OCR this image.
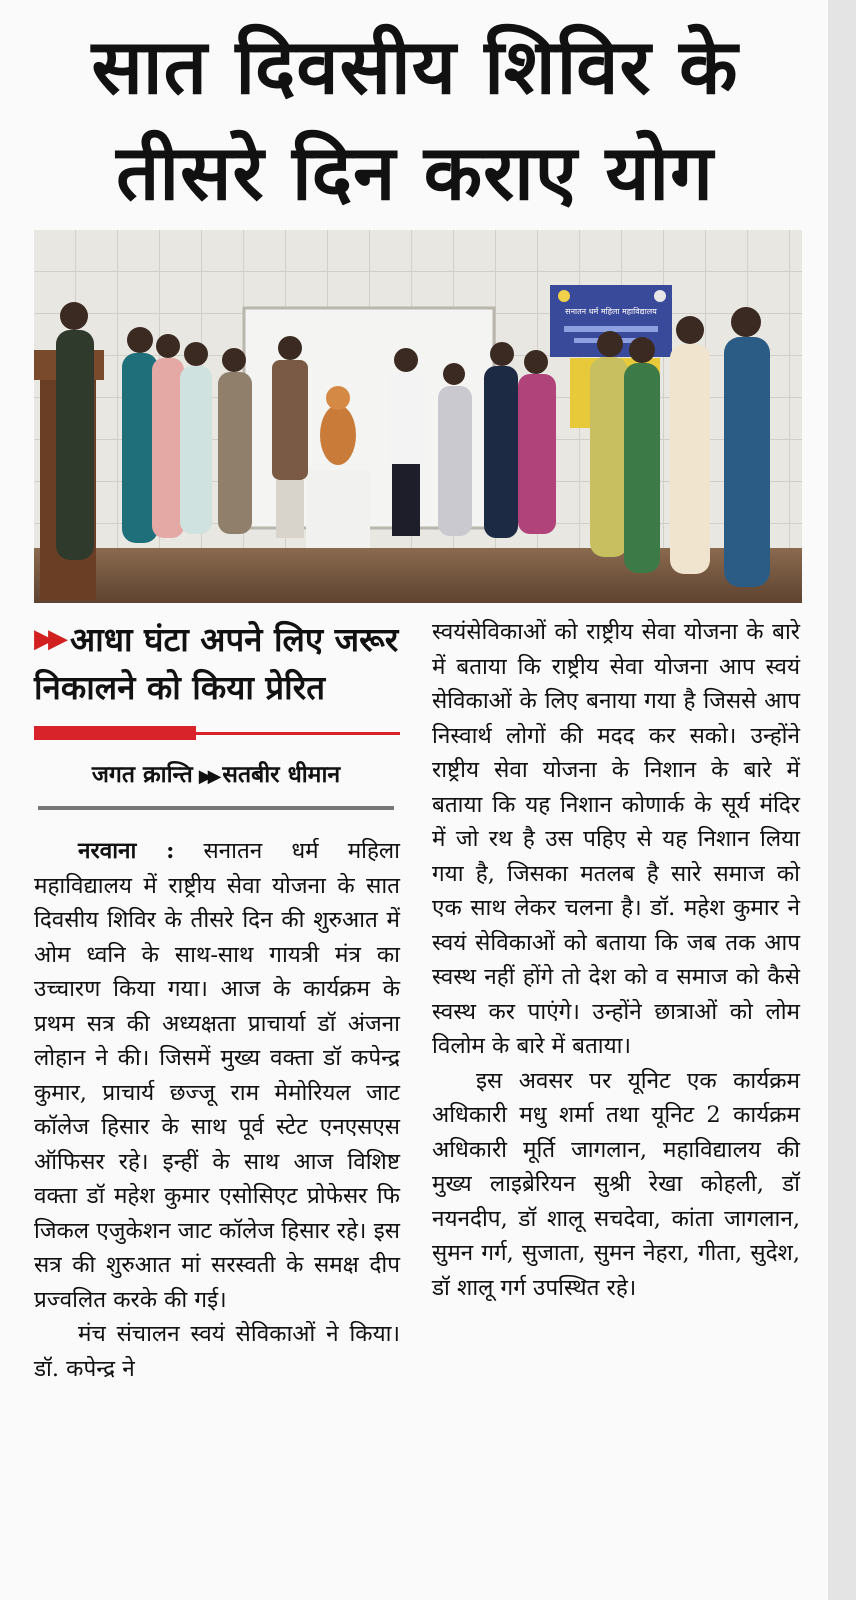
सात दिवसीय शिविर के
तीसरे दिन कराए योग
सनातन धर्म महिला महाविद्यालय
▶▶ आधा घंटा अपने लिए जरूर निकालने को किया प्रेरित
जगत क्रान्ति ▶▶ सतबीर धीमान

नरवाना : सनातन धर्म महिला महाविद्यालय में राष्ट्रीय सेवा योजना के सात दिवसीय शिविर के तीसरे दिन की शुरुआत में ओम ध्वनि के साथ-साथ गायत्री मंत्र का उच्चारण किया गया। आज के कार्यक्रम के प्रथम सत्र की अध्यक्षता प्राचार्या डॉ अंजना लोहान ने की। जिसमें मुख्य वक्ता डॉ कपेन्द्र कुमार, प्राचार्य छज्जू राम मेमोरियल जाट कॉलेज हिसार के साथ पूर्व स्टेट एनएसएस ऑफिसर रहे। इन्हीं के साथ आज विशिष्ट वक्ता डॉ महेश कुमार एसोसिएट प्रोफेसर फि जिकल एजुकेशन जाट कॉलेज हिसार रहे। इस सत्र की शुरुआत मां सरस्वती के समक्ष दीप प्रज्वलित करके की गई।

मंच संचालन स्वयं सेविकाओं ने किया। डॉ. कपेन्द्र ने

स्वयंसेविकाओं को राष्ट्रीय सेवा योजना के बारे में बताया कि राष्ट्रीय सेवा योजना आप स्वयं सेविकाओं के लिए बनाया गया है जिससे आप निस्वार्थ लोगों की मदद कर सको। उन्होंने राष्ट्रीय सेवा योजना के निशान के बारे में बताया कि यह निशान कोणार्क के सूर्य मंदिर में जो रथ है उस पहिए से यह निशान लिया गया है, जिसका मतलब है सारे समाज को एक साथ लेकर चलना है। डॉ. महेश कुमार ने स्वयं सेविकाओं को बताया कि जब तक आप स्वस्थ नहीं होंगे तो देश को व समाज को कैसे स्वस्थ कर पाएंगे। उन्होंने छात्राओं को लोम विलोम के बारे में बताया।

इस अवसर पर यूनिट एक कार्यक्रम अधिकारी मधु शर्मा तथा यूनिट 2 कार्यक्रम अधिकारी मूर्ति जागलान, महाविद्यालय की मुख्य लाइब्रेरियन सुश्री रेखा कोहली, डॉ नयनदीप, डॉ शालू सचदेवा, कांता जागलान, सुमन गर्ग, सुजाता, सुमन नेहरा, गीता, सुदेश, डॉ शालू गर्ग उपस्थित रहे।
